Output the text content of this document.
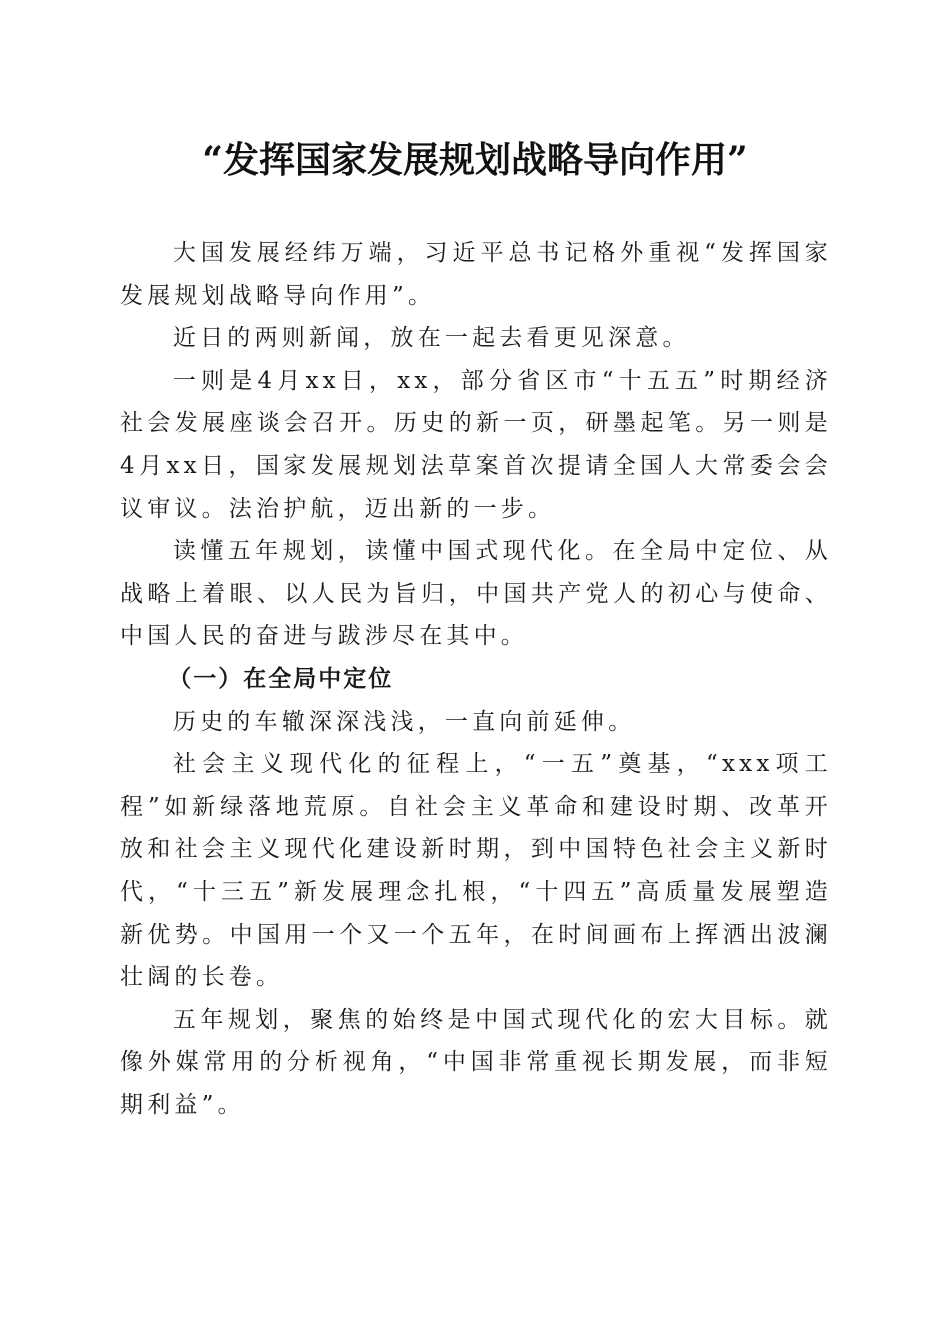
“发挥国家发展规划战略导向作用”

大国发展经纬万端，习近平总书记格外重视“发挥国家发展规划战略导向作用”。

近日的两则新闻，放在一起去看更见深意。

一则是4月xx日，xx，部分省区市“十五五”时期经济社会发展座谈会召开。历史的新一页，研墨起笔。另一则是4月xx日，国家发展规划法草案首次提请全国人大常委会会议审议。法治护航，迈出新的一步。

读懂五年规划，读懂中国式现代化。在全局中定位、从战略上着眼、以人民为旨归，中国共产党人的初心与使命、中国人民的奋进与跋涉尽在其中。

（一）在全局中定位

历史的车辙深深浅浅，一直向前延伸。

社会主义现代化的征程上，“一五”奠基，“xxx项工程”如新绿落地荒原。自社会主义革命和建设时期、改革开放和社会主义现代化建设新时期，到中国特色社会主义新时代，“十三五”新发展理念扎根，“十四五”高质量发展塑造新优势。中国用一个又一个五年，在时间画布上挥洒出波澜壮阔的长卷。

五年规划，聚焦的始终是中国式现代化的宏大目标。就像外媒常用的分析视角，“中国非常重视长期发展，而非短期利益”。
